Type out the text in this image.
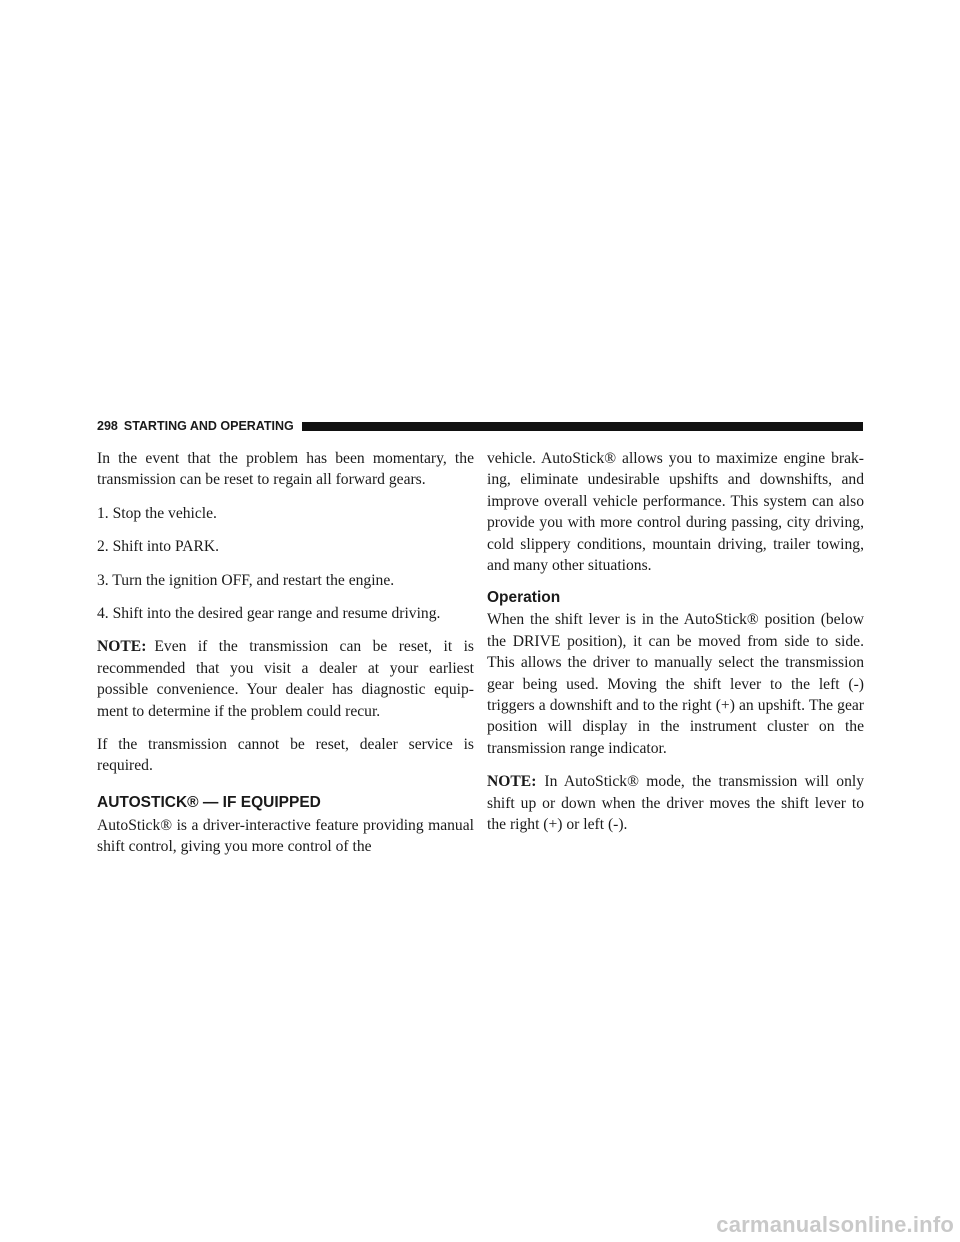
298 STARTING AND OPERATING

In the event that the problem has been momentary, the transmission can be reset to regain all forward gears.

1. Stop the vehicle.

2. Shift into PARK.

3. Turn the ignition OFF, and restart the engine.

4. Shift into the desired gear range and resume driving.

NOTE: Even if the transmission can be reset, it is recommended that you visit a dealer at your earliest possible convenience. Your dealer has diagnostic equip-ment to determine if the problem could recur.

If the transmission cannot be reset, dealer service is required.

AUTOSTICK® — IF EQUIPPED

AutoStick® is a driver-interactive feature providing manual shift control, giving you more control of the

vehicle. AutoStick® allows you to maximize engine brak-ing, eliminate undesirable upshifts and downshifts, and improve overall vehicle performance. This system can also provide you with more control during passing, city driving, cold slippery conditions, mountain driving, trailer towing, and many other situations.

Operation

When the shift lever is in the AutoStick® position (below the DRIVE position), it can be moved from side to side. This allows the driver to manually select the transmission gear being used. Moving the shift lever to the left (-) triggers a downshift and to the right (+) an upshift. The gear position will display in the instrument cluster on the transmission range indicator.

NOTE: In AutoStick® mode, the transmission will only shift up or down when the driver moves the shift lever to the right (+) or left (-).

carmanualsonline.info
